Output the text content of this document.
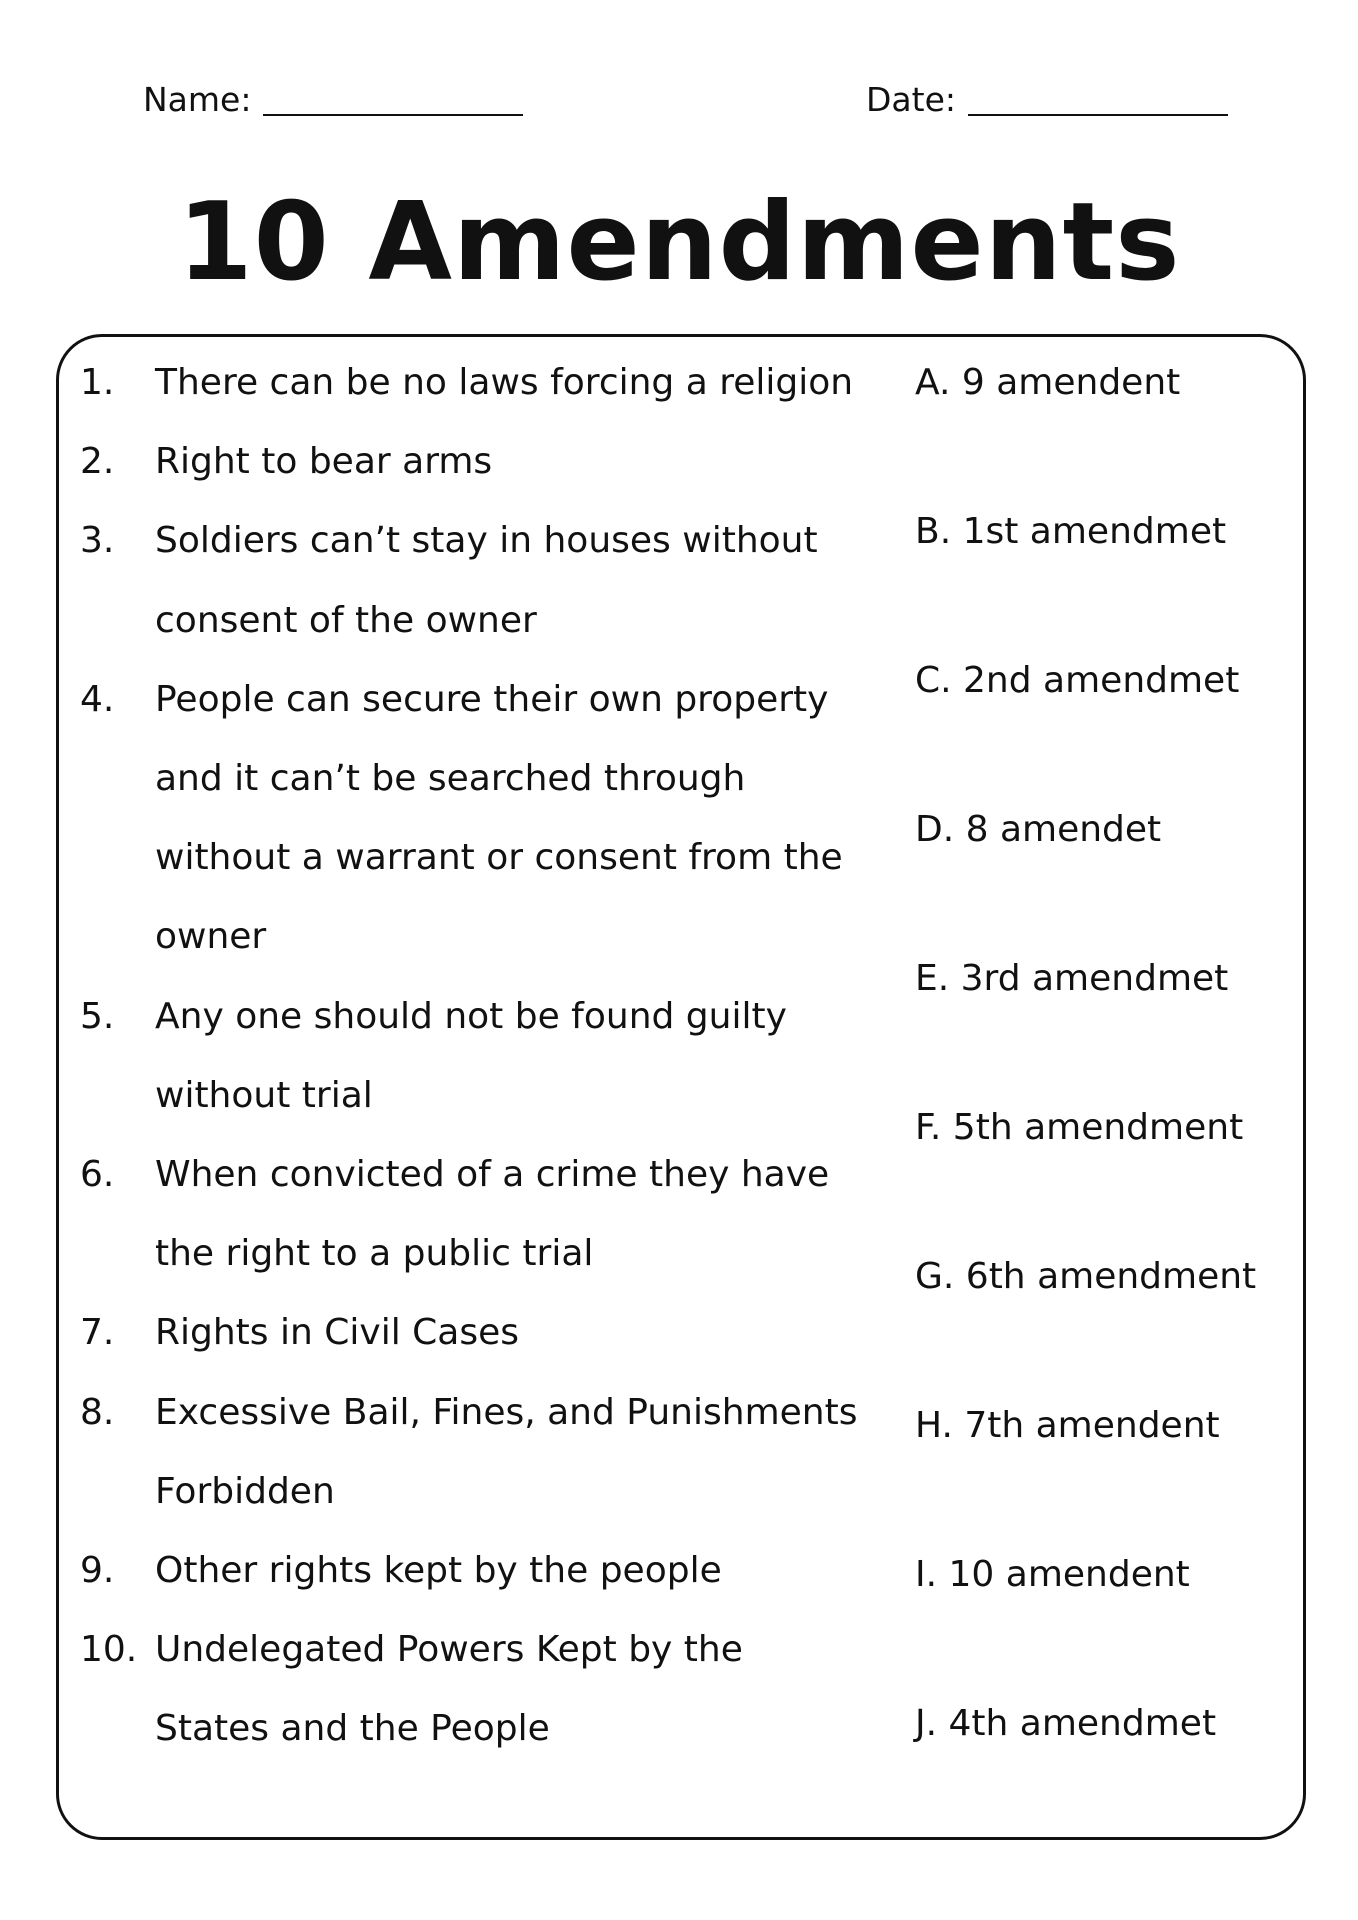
Name:	Date:
10 Amendments
1.	There can be no laws forcing a religion
2.	Right to bear arms
3.	Soldiers can’t stay in houses without consent of the owner
4.	People can secure their own property and it can’t be searched through without a warrant or consent from the owner
5.	Any one should not be found guilty without trial
6.	When convicted of a crime they have the right to a public trial
7.	Rights in Civil Cases
8.	Excessive Bail, Fines, and Punishments Forbidden
9.	Other rights kept by the people
10. Undelegated Powers Kept by the States and the People
A. 9 amendent
B. 1st amendmet
C. 2nd amendmet
D. 8 amendet
E. 3rd amendmet
F. 5th amendment
G. 6th amendment
H. 7th amendent
I. 10 amendent
J. 4th amendmet
